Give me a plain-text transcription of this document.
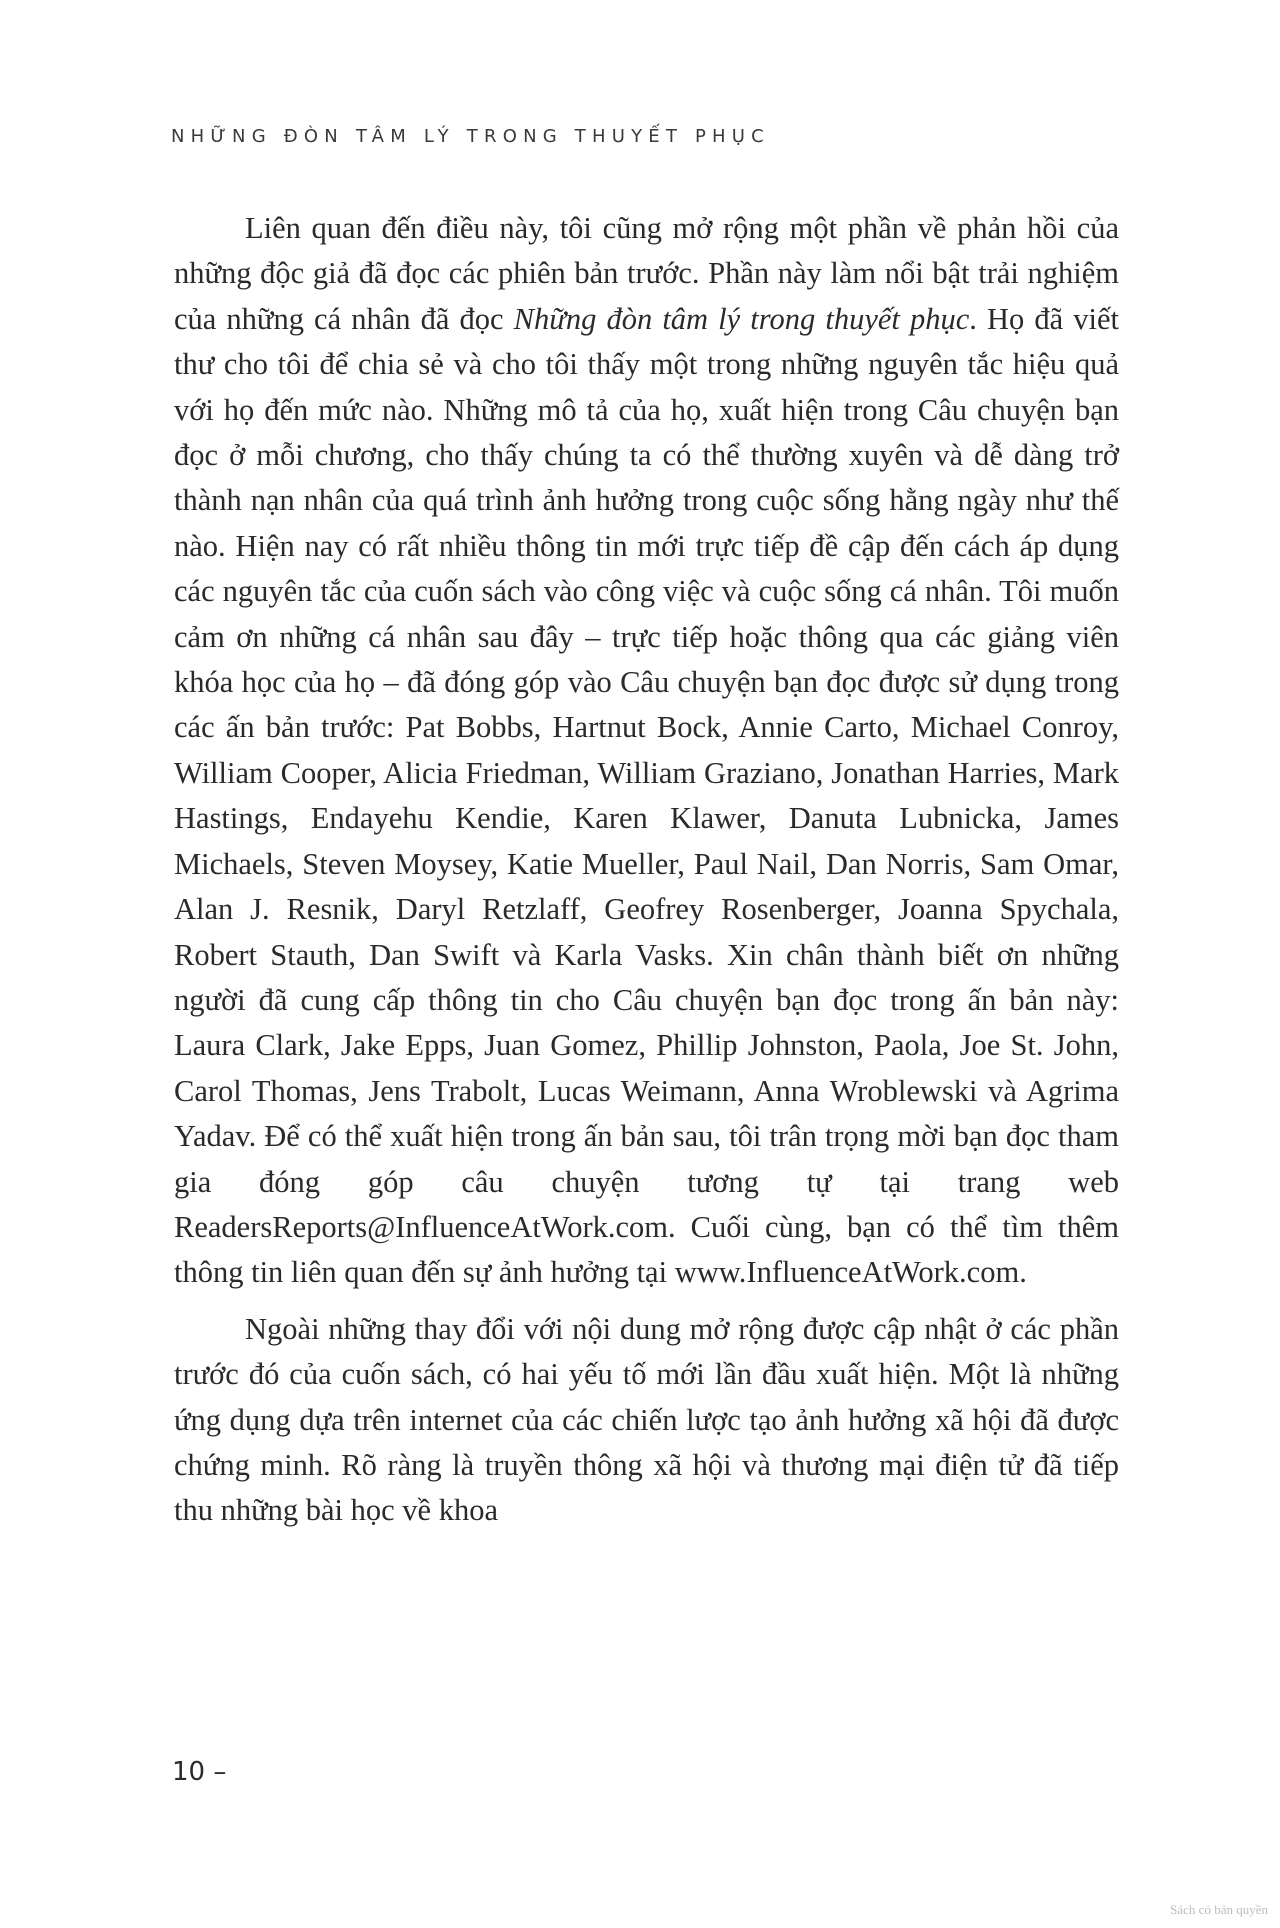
NHỮNG ĐÒN TÂM LÝ TRONG THUYẾT PHỤC

Liên quan đến điều này, tôi cũng mở rộng một phần về phản hồi của những độc giả đã đọc các phiên bản trước. Phần này làm nổi bật trải nghiệm của những cá nhân đã đọc Những đòn tâm lý trong thuyết phục. Họ đã viết thư cho tôi để chia sẻ và cho tôi thấy một trong những nguyên tắc hiệu quả với họ đến mức nào. Những mô tả của họ, xuất hiện trong Câu chuyện bạn đọc ở mỗi chương, cho thấy chúng ta có thể thường xuyên và dễ dàng trở thành nạn nhân của quá trình ảnh hưởng trong cuộc sống hằng ngày như thế nào. Hiện nay có rất nhiều thông tin mới trực tiếp đề cập đến cách áp dụng các nguyên tắc của cuốn sách vào công việc và cuộc sống cá nhân. Tôi muốn cảm ơn những cá nhân sau đây – trực tiếp hoặc thông qua các giảng viên khóa học của họ – đã đóng góp vào Câu chuyện bạn đọc được sử dụng trong các ấn bản trước: Pat Bobbs, Hartnut Bock, Annie Carto, Michael Conroy, William Cooper, Alicia Friedman, William Graziano, Jonathan Harries, Mark Hastings, Endayehu Kendie, Karen Klawer, Danuta Lubnicka, James Michaels, Steven Moysey, Katie Mueller, Paul Nail, Dan Norris, Sam Omar, Alan J. Resnik, Daryl Retzlaff, Geofrey Rosenberger, Joanna Spychala, Robert Stauth, Dan Swift và Karla Vasks. Xin chân thành biết ơn những người đã cung cấp thông tin cho Câu chuyện bạn đọc trong ấn bản này: Laura Clark, Jake Epps, Juan Gomez, Phillip Johnston, Paola, Joe St. John, Carol Thomas, Jens Trabolt, Lucas Weimann, Anna Wroblewski và Agrima Yadav. Để có thể xuất hiện trong ấn bản sau, tôi trân trọng mời bạn đọc tham gia đóng góp câu chuyện tương tự tại trang web ReadersReports@InfluenceAtWork.com. Cuối cùng, bạn có thể tìm thêm thông tin liên quan đến sự ảnh hưởng tại www.InfluenceAtWork.com.

Ngoài những thay đổi với nội dung mở rộng được cập nhật ở các phần trước đó của cuốn sách, có hai yếu tố mới lần đầu xuất hiện. Một là những ứng dụng dựa trên internet của các chiến lược tạo ảnh hưởng xã hội đã được chứng minh. Rõ ràng là truyền thông xã hội và thương mại điện tử đã tiếp thu những bài học về khoa

10 –
Sách có bản quyền
